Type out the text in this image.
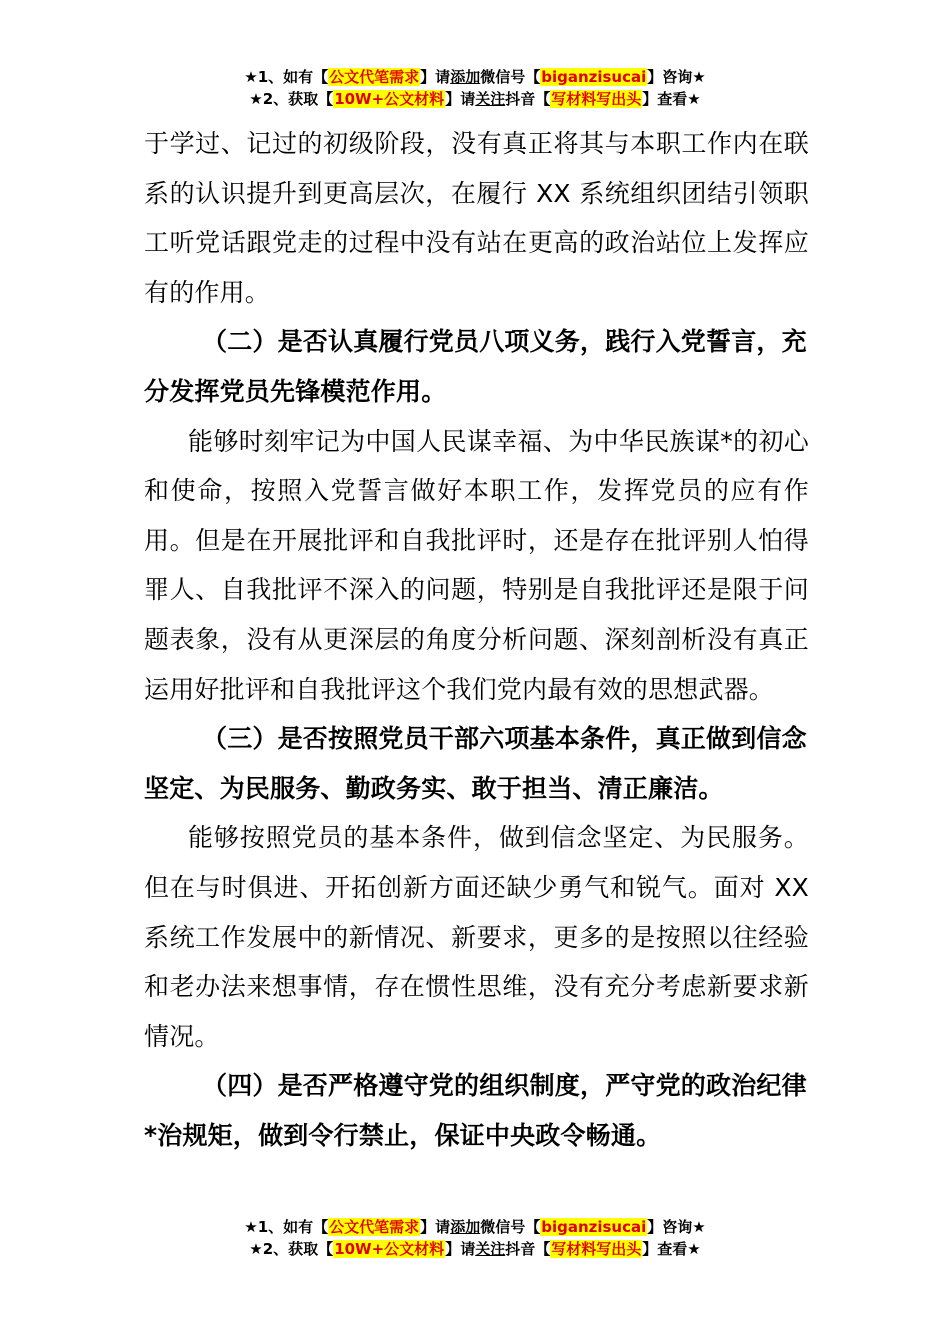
★1、如有【公文代笔需求】请添加微信号【biganzisucai】咨询★
★2、获取【10W+公文材料】请关注抖音【写材料写出头】查看★

于学过、记过的初级阶段，没有真正将其与本职工作内在联系的认识提升到更高层次，在履行 XX 系统组织团结引领职工听党话跟党走的过程中没有站在更高的政治站位上发挥应有的作用。

（二）是否认真履行党员八项义务，践行入党誓言，充分发挥党员先锋模范作用。

能够时刻牢记为中国人民谋幸福、为中华民族谋*的初心和使命，按照入党誓言做好本职工作，发挥党员的应有作用。但是在开展批评和自我批评时，还是存在批评别人怕得罪人、自我批评不深入的问题，特别是自我批评还是限于问题表象，没有从更深层的角度分析问题、深刻剖析没有真正运用好批评和自我批评这个我们党内最有效的思想武器。

（三）是否按照党员干部六项基本条件，真正做到信念坚定、为民服务、勤政务实、敢于担当、清正廉洁。

能够按照党员的基本条件，做到信念坚定、为民服务。但在与时俱进、开拓创新方面还缺少勇气和锐气。面对 XX 系统工作发展中的新情况、新要求，更多的是按照以往经验和老办法来想事情，存在惯性思维，没有充分考虑新要求新情况。

（四）是否严格遵守党的组织制度，严守党的政治纪律*治规矩，做到令行禁止，保证中央政令畅通。

★1、如有【公文代笔需求】请添加微信号【biganzisucai】咨询★
★2、获取【10W+公文材料】请关注抖音【写材料写出头】查看★
